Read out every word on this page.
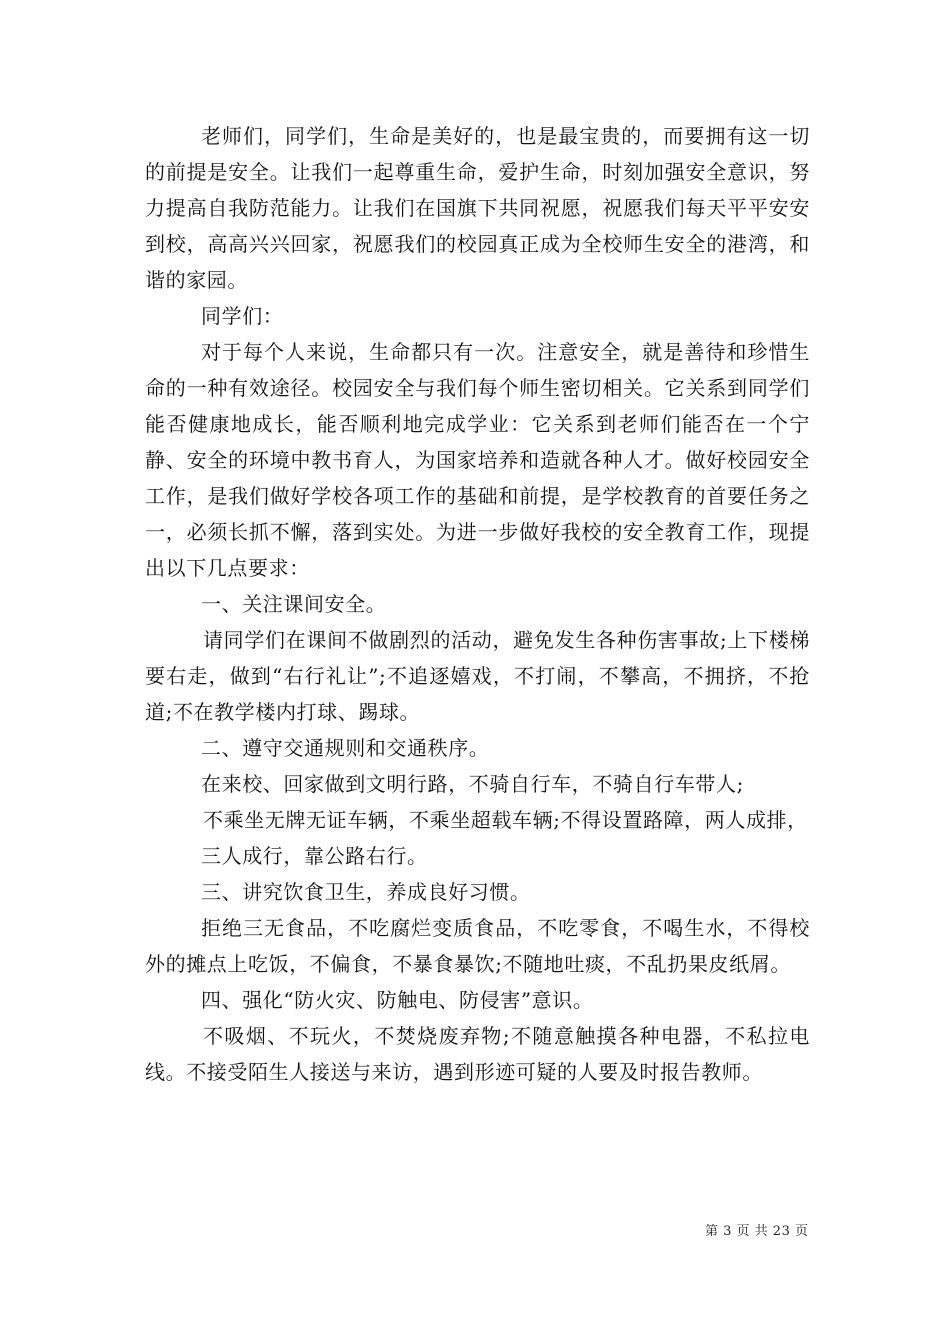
老师们，同学们，生命是美好的，也是最宝贵的，而要拥有这一切的前提是安全。让我们一起尊重生命，爱护生命，时刻加强安全意识，努力提高自我防范能力。让我们在国旗下共同祝愿，祝愿我们每天平平安安到校，高高兴兴回家，祝愿我们的校园真正成为全校师生安全的港湾，和谐的家园。

同学们：

对于每个人来说，生命都只有一次。注意安全，就是善待和珍惜生命的一种有效途径。校园安全与我们每个师生密切相关。它关系到同学们能否健康地成长，能否顺利地完成学业：它关系到老师们能否在一个宁静、安全的环境中教书育人，为国家培养和造就各种人才。做好校园安全工作，是我们做好学校各项工作的基础和前提，是学校教育的首要任务之一，必须长抓不懈，落到实处。为进一步做好我校的安全教育工作，现提出以下几点要求：

一、关注课间安全。

请同学们在课间不做剧烈的活动，避免发生各种伤害事故;上下楼梯要右走，做到“右行礼让”;不追逐嬉戏，不打闹，不攀高，不拥挤，不抢道;不在教学楼内打球、踢球。

二、遵守交通规则和交通秩序。

在来校、回家做到文明行路，不骑自行车，不骑自行车带人;

不乘坐无牌无证车辆，不乘坐超载车辆;不得设置路障，两人成排，

三人成行，靠公路右行。

三、讲究饮食卫生，养成良好习惯。

拒绝三无食品，不吃腐烂变质食品，不吃零食，不喝生水，不得校外的摊点上吃饭，不偏食，不暴食暴饮;不随地吐痰，不乱扔果皮纸屑。

四、强化“防火灾、防触电、防侵害”意识。

不吸烟、不玩火，不焚烧废弃物;不随意触摸各种电器，不私拉电线。不接受陌生人接送与来访，遇到形迹可疑的人要及时报告教师。

第 3 页 共 23 页
